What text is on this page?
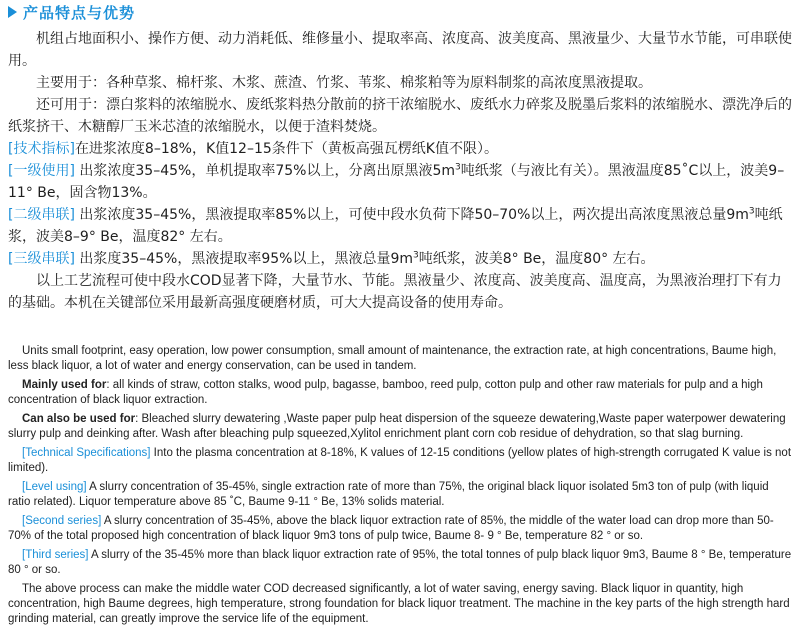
产品特点与优势

机组占地面积小、操作方便、动力消耗低、维修量小、提取率高、浓度高、波美度高、黑液量少、大量节水节能，可串联使用。

主要用于：各种草浆、棉杆浆、木浆、蔗渣、竹浆、苇浆、棉浆粕等为原料制浆的高浓度黑液提取。

还可用于：漂白浆料的浓缩脱水、废纸浆料热分散前的挤干浓缩脱水、废纸水力碎浆及脱墨后浆料的浓缩脱水、漂洗净后的纸浆挤干、木糖醇厂玉米芯渣的浓缩脱水，以便于渣料焚烧。

[技术指标]在进浆浓度8–18%，K值12–15条件下（黄板高强瓦楞纸K值不限）。

[一级使用] 出浆浓度35–45%，单机提取率75%以上，分离出原黑液$5m^3$吨纸浆（与液比有关）。黑液温度85˚C以上，波美9–11° Be，固含物13%。

[二级串联] 出浆浓度35–45%，黑液提取率85%以上，可使中段水负荷下降50–70%以上，两次提出高浓度黑液总量$9m^3$吨纸浆，波美8–9° Be，温度82° 左右。

[三级串联] 出浆度35–45%，黑液提取率95%以上，黑液总量$9m^3$吨纸浆，波美8° Be，温度80° 左右。

以上工艺流程可使中段水COD显著下降，大量节水、节能。黑液量少、浓度高、波美度高、温度高，为黑液治理打下有力的基础。本机在关键部位采用最新高强度硬磨材质，可大大提高设备的使用寿命。

Units small footprint, easy operation, low power consumption, small amount of maintenance, the extraction rate, at high concentrations, Baume high, less black liquor, a lot of water and energy conservation, can be used in tandem.

Mainly used for: all kinds of straw, cotton stalks, wood pulp, bagasse, bamboo, reed pulp, cotton pulp and other raw materials for pulp and a high concentration of black liquor extraction.

Can also be used for: Bleached slurry dewatering ,Waste paper pulp heat dispersion of the squeeze dewatering,Waste paper waterpower dewatering slurry pulp and deinking after. Wash after bleaching pulp squeezed,Xylitol enrichment plant corn cob residue of dehydration, so that slag burning.

[Technical Specifications] Into the plasma concentration at 8-18%, K values of 12-15 conditions (yellow plates of high-strength corrugated K value is not limited).

[Level using] A slurry concentration of 35-45%, single extraction rate of more than 75%, the original black liquor isolated 5m3 ton of pulp (with liquid ratio related). Liquor temperature above 85 ˚C, Baume 9-11 ° Be, 13% solids material.

[Second series] A slurry concentration of 35-45%, above the black liquor extraction rate of 85%, the middle of the water load can drop more than 50-70% of the total proposed high concentration of black liquor 9m3 tons of pulp twice, Baume 8- 9 ° Be, temperature 82 ° or so.

[Third series] A slurry of the 35-45% more than black liquor extraction rate of 95%, the total tonnes of pulp black liquor 9m3, Baume 8 ° Be, temperature 80 ° or so.

The above process can make the middle water COD decreased significantly, a lot of water saving, energy saving. Black liquor in quantity, high concentration, high Baume degrees, high temperature, strong foundation for black liquor treatment. The machine in the key parts of the high strength hard grinding material, can greatly improve the service life of the equipment.
